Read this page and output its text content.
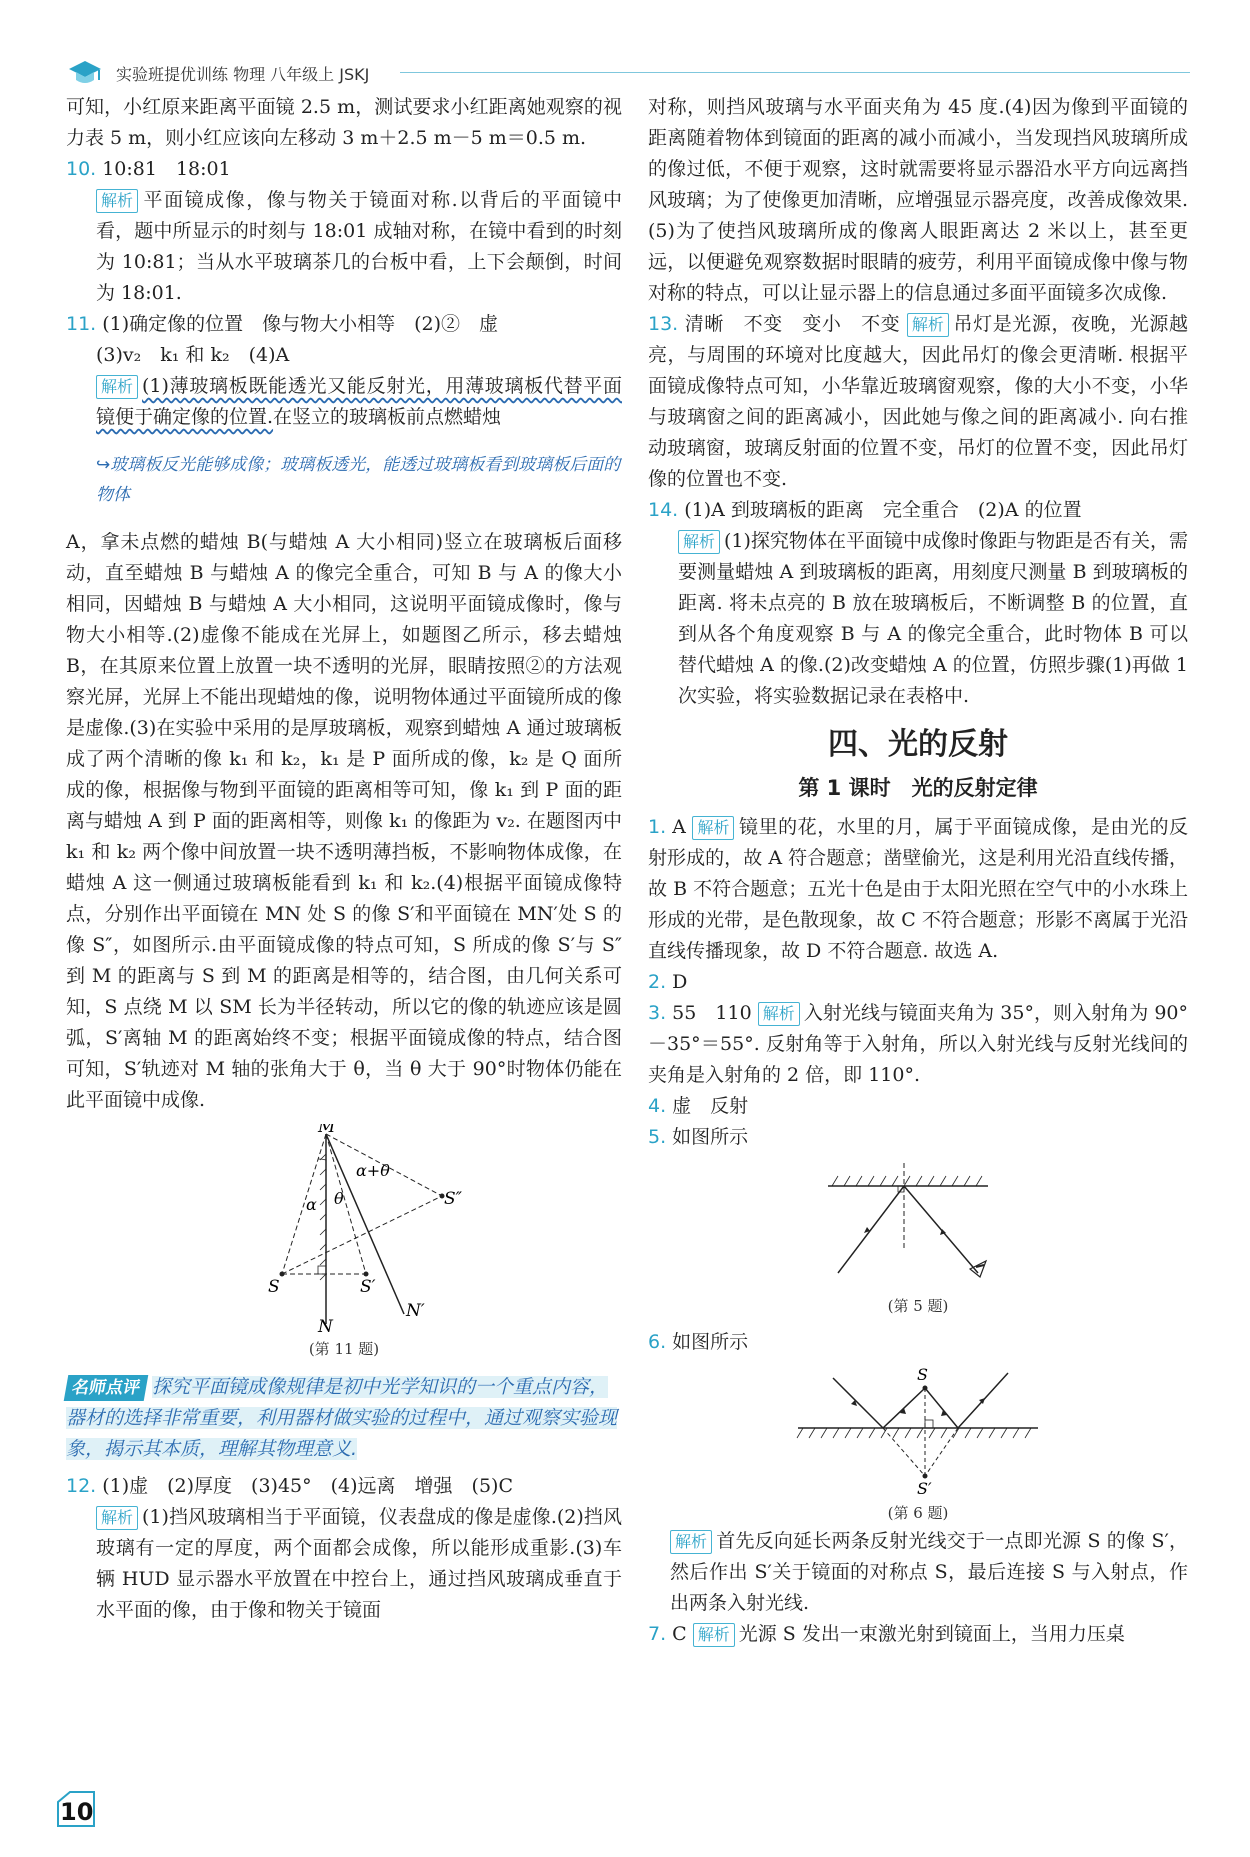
实验班提优训练 物理 八年级上 JSKJ

可知，小红原来距离平面镜 2.5 m，测试要求小红距离她观察的视力表 5 m，则小红应该向左移动 3 m＋2.5 m－5 m＝0.5 m.

10. 10:81　18:01

解析 平面镜成像，像与物关于镜面对称.以背后的平面镜中看，题中所显示的时刻与 18:01 成轴对称，在镜中看到的时刻为 10:81；当从水平玻璃茶几的台板中看，上下会颠倒，时间为 18:01.

11. (1)确定像的位置　像与物大小相等　(2)②　虚

(3)v₂　k₁ 和 k₂　(4)A

解析 (1)薄玻璃板既能透光又能反射光，用薄玻璃板代替平面镜便于确定像的位置.在竖立的玻璃板前点燃蜡烛

↪玻璃板反光能够成像；玻璃板透光，能透过玻璃板看到玻璃板后面的物体

A，拿未点燃的蜡烛 B(与蜡烛 A 大小相同)竖立在玻璃板后面移动，直至蜡烛 B 与蜡烛 A 的像完全重合，可知 B 与 A 的像大小相同，因蜡烛 B 与蜡烛 A 大小相同，这说明平面镜成像时，像与物大小相等.(2)虚像不能成在光屏上，如题图乙所示，移去蜡烛 B，在其原来位置上放置一块不透明的光屏，眼睛按照②的方法观察光屏，光屏上不能出现蜡烛的像，说明物体通过平面镜所成的像是虚像.(3)在实验中采用的是厚玻璃板，观察到蜡烛 A 通过玻璃板成了两个清晰的像 k₁ 和 k₂，k₁ 是 P 面所成的像，k₂ 是 Q 面所成的像，根据像与物到平面镜的距离相等可知，像 k₁ 到 P 面的距离与蜡烛 A 到 P 面的距离相等，则像 k₁ 的像距为 v₂. 在题图丙中 k₁ 和 k₂ 两个像中间放置一块不透明薄挡板，不影响物体成像，在蜡烛 A 这一侧通过玻璃板能看到 k₁ 和 k₂.(4)根据平面镜成像特点，分别作出平面镜在 MN 处 S 的像 S′和平面镜在 MN′处 S 的像 S″，如图所示.由平面镜成像的特点可知，S 所成的像 S′与 S″到 M 的距离与 S 到 M 的距离是相等的，结合图，由几何关系可知，S 点绕 M 以 SM 长为半径转动，所以它的像的轨迹应该是圆弧，S′离轴 M 的距离始终不变；根据平面镜成像的特点，结合图可知，S′轨迹对 M 轴的张角大于 θ，当 θ 大于 90°时物体仍能在此平面镜中成像.

M
N
N′
S	S′
S″
α θ
α+θ
(第 11 题)
名师点评 探究平面镜成像规律是初中光学知识的一个重点内容，器材的选择非常重要，利用器材做实验的过程中，通过观察实验现象，揭示其本质，理解其物理意义.

12. (1)虚　(2)厚度　(3)45°　(4)远离　增强　(5)C

解析 (1)挡风玻璃相当于平面镜，仪表盘成的像是虚像.(2)挡风玻璃有一定的厚度，两个面都会成像，所以能形成重影.(3)车辆 HUD 显示器水平放置在中控台上，通过挡风玻璃成垂直于水平面的像，由于像和物关于镜面

对称，则挡风玻璃与水平面夹角为 45 度.(4)因为像到平面镜的距离随着物体到镜面的距离的减小而减小，当发现挡风玻璃所成的像过低，不便于观察，这时就需要将显示器沿水平方向远离挡风玻璃；为了使像更加清晰，应增强显示器亮度，改善成像效果.(5)为了使挡风玻璃所成的像离人眼距离达 2 米以上，甚至更远，以便避免观察数据时眼睛的疲劳，利用平面镜成像中像与物对称的特点，可以让显示器上的信息通过多面平面镜多次成像.

13. 清晰　不变　变小　不变 解析 吊灯是光源，夜晚，光源越亮，与周围的环境对比度越大，因此吊灯的像会更清晰. 根据平面镜成像特点可知，小华靠近玻璃窗观察，像的大小不变，小华与玻璃窗之间的距离减小，因此她与像之间的距离减小. 向右推动玻璃窗，玻璃反射面的位置不变，吊灯的位置不变，因此吊灯像的位置也不变.

14. (1)A 到玻璃板的距离　完全重合　(2)A 的位置

解析 (1)探究物体在平面镜中成像时像距与物距是否有关，需要测量蜡烛 A 到玻璃板的距离，用刻度尺测量 B 到玻璃板的距离. 将未点亮的 B 放在玻璃板后，不断调整 B 的位置，直到从各个角度观察 B 与 A 的像完全重合，此时物体 B 可以替代蜡烛 A 的像.(2)改变蜡烛 A 的位置，仿照步骤(1)再做 1 次实验，将实验数据记录在表格中.

四、光的反射
第 1 课时　光的反射定律

1. A 解析 镜里的花，水里的月，属于平面镜成像，是由光的反射形成的，故 A 符合题意；凿壁偷光，这是利用光沿直线传播，故 B 不符合题意；五光十色是由于太阳光照在空气中的小水珠上形成的光带，是色散现象，故 C 不符合题意；形影不离属于光沿直线传播现象，故 D 不符合题意. 故选 A.

2. D

3. 55　110 解析 入射光线与镜面夹角为 35°，则入射角为 90°－35°＝55°. 反射角等于入射角，所以入射光线与反射光线间的夹角是入射角的 2 倍，即 110°.

4. 虚　反射

5. 如图所示

(第 5 题)

6. 如图所示

S
S′
(第 6 题)

解析 首先反向延长两条反射光线交于一点即光源 S 的像 S′，然后作出 S′关于镜面的对称点 S，最后连接 S 与入射点，作出两条入射光线.

7. C 解析 光源 S 发出一束激光射到镜面上，当用力压桌

10
